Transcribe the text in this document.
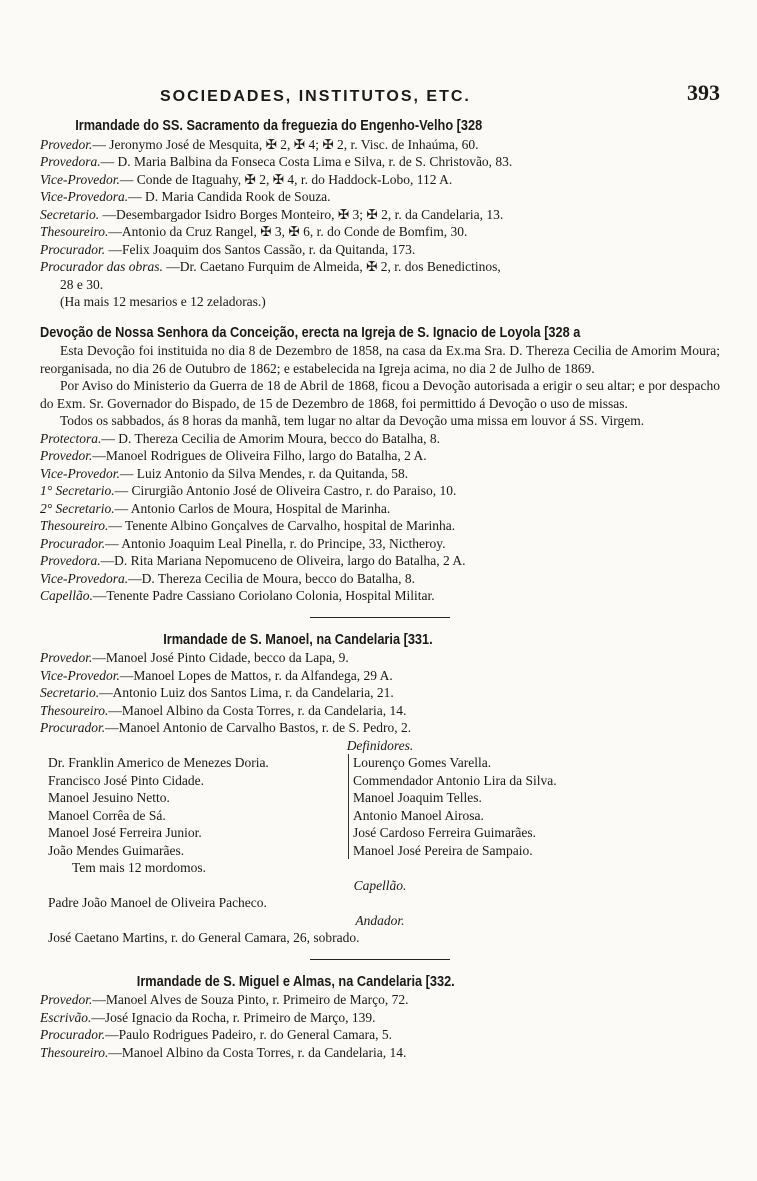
SOCIEDADES, INSTITUTOS, ETC.	393
Irmandade do SS. Sacramento da freguezia do Engenho-Velho [328
Provedor.— Jeronymo José de Mesquita, ✠ 2, ✠ 4; ✠ 2, r. Visc. de Inhaúma, 60.
Provedora.— D. Maria Balbina da Fonseca Costa Lima e Silva, r. de S. Christovão, 83.
Vice-Provedor.— Conde de Itaguahy, ✠ 2, ✠ 4, r. do Haddock-Lobo, 112 A.
Vice-Provedora.— D. Maria Candida Rook de Souza.
Secretario. —Desembargador Isidro Borges Monteiro, ✠ 3; ✠ 2, r. da Candelaria, 13.
Thesoureiro.—Antonio da Cruz Rangel, ✠ 3, ✠ 6, r. do Conde de Bomfim, 30.
Procurador. —Felix Joaquim dos Santos Cassão, r. da Quitanda, 173.
Procurador das obras. —Dr. Caetano Furquim de Almeida, ✠ 2, r. dos Benedictinos,
28 e 30.
(Ha mais 12 mesarios e 12 zeladoras.)
Devoção de Nossa Senhora da Conceição, erecta na Igreja de S. Ignacio de Loyola [328 a
Esta Devoção foi instituida no dia 8 de Dezembro de 1858, na casa da Ex.ma Sra. D. Thereza Cecilia de Amorim Moura; reorganisada, no dia 26 de Outubro de 1862; e estabelecida na Igreja acima, no dia 2 de Julho de 1869.
Por Aviso do Ministerio da Guerra de 18 de Abril de 1868, ficou a Devoção autorisada a erigir o seu altar; e por despacho do Exm. Sr. Governador do Bispado, de 15 de Dezembro de 1868, foi permittido á Devoção o uso de missas.
Todos os sabbados, ás 8 horas da manhã, tem lugar no altar da Devoção uma missa em louvor á SS. Virgem.
Protectora.— D. Thereza Cecilia de Amorim Moura, becco do Batalha, 8.
Provedor.—Manoel Rodrigues de Oliveira Filho, largo do Batalha, 2 A.
Vice-Provedor.— Luiz Antonio da Silva Mendes, r. da Quitanda, 58.
1° Secretario.— Cirurgião Antonio José de Oliveira Castro, r. do Paraiso, 10.
2° Secretario.— Antonio Carlos de Moura, Hospital de Marinha.
Thesoureiro.— Tenente Albino Gonçalves de Carvalho, hospital de Marinha.
Procurador.— Antonio Joaquim Leal Pinella, r. do Principe, 33, Nictheroy.
Provedora.—D. Rita Mariana Nepomuceno de Oliveira, largo do Batalha, 2 A.
Vice-Provedora.—D. Thereza Cecilia de Moura, becco do Batalha, 8.
Capellão.—Tenente Padre Cassiano Coriolano Colonia, Hospital Militar.
Irmandade de S. Manoel, na Candelaria [331.
Provedor.—Manoel José Pinto Cidade, becco da Lapa, 9.
Vice-Provedor.—Manoel Lopes de Mattos, r. da Alfandega, 29 A.
Secretario.—Antonio Luiz dos Santos Lima, r. da Candelaria, 21.
Thesoureiro.—Manoel Albino da Costa Torres, r. da Candelaria, 14.
Procurador.—Manoel Antonio de Carvalho Bastos, r. de S. Pedro, 2.
Definidores.
Dr. Franklin Americo de Menezes Doria.
Francisco José Pinto Cidade.
Manoel Jesuino Netto.
Manoel Corrêa de Sá.
Manoel José Ferreira Junior.
João Mendes Guimarães.
Lourenço Gomes Varella.
Commendador Antonio Lira da Silva.
Manoel Joaquim Telles.
Antonio Manoel Airosa.
José Cardoso Ferreira Guimarães.
Manoel José Pereira de Sampaio.
Tem mais 12 mordomos.
Capellão.
Padre João Manoel de Oliveira Pacheco.
Andador.
José Caetano Martins, r. do General Camara, 26, sobrado.
Irmandade de S. Miguel e Almas, na Candelaria [332.
Provedor.—Manoel Alves de Souza Pinto, r. Primeiro de Março, 72.
Escrivão.—José Ignacio da Rocha, r. Primeiro de Março, 139.
Procurador.—Paulo Rodrigues Padeiro, r. do General Camara, 5.
Thesoureiro.—Manoel Albino da Costa Torres, r. da Candelaria, 14.
